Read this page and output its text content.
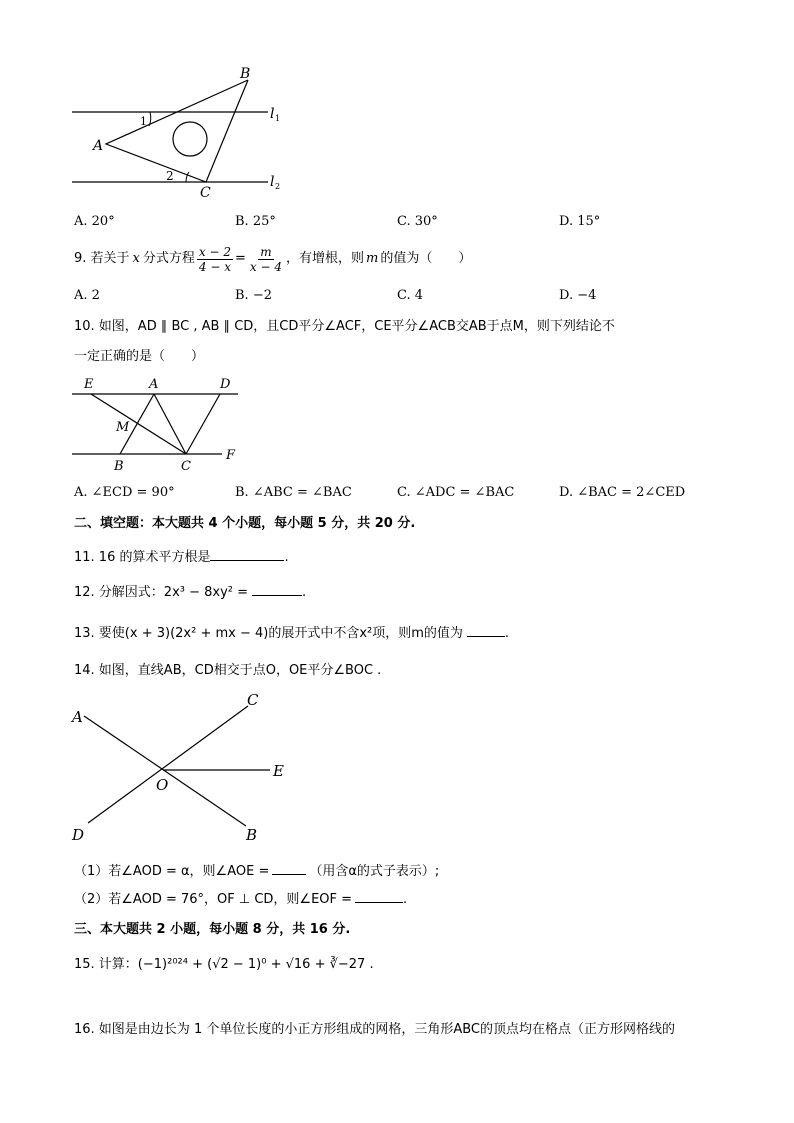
B
A
C
1
2
l 1
l 2
A. 20°	B. 25°	C. 30°	D. 15°
9. 若关于 x 分式方程 $\frac{x - 2}{4 - x} = \frac{m}{x - 4}$ ，有增根，则 m 的值为（　　）
A. 2	B. −2	C. 4	D. −4
10. 如图，AD ∥ BC , AB ∥ CD，且CD平分∠ACF，CE平分∠ACB交AB于点M，则下列结论不
一定正确的是（　　）
E	A	D
M
B	C
F
A. ∠ECD = 90°	B. ∠ABC = ∠BAC	C. ∠ADC = ∠BAC	D. ∠BAC = 2∠CED
二、填空题：本大题共 4 个小题，每小题 5 分，共 20 分.
11. 16 的算术平方根是	.
12. 分解因式：2x³ − 8xy² =	.
13. 要使(x + 3)(2x² + mx − 4)的展开式中不含x²项，则m的值为	.
14. 如图，直线AB，CD相交于点O，OE平分∠BOC .
A
C
E
O
D	B
（1）若∠AOD = α，则∠AOE =	（用含α的式子表示）;
（2）若∠AOD = 76°，OF ⊥ CD，则∠EOF =	.
三、本大题共 2 小题，每小题 8 分，共 16 分.
15. 计算：(−1)²⁰²⁴ + (√2 − 1)⁰ + √16 + ∛−27 .
16. 如图是由边长为 1 个单位长度的小正方形组成的网格，三角形ABC的顶点均在格点（正方形网格线的
